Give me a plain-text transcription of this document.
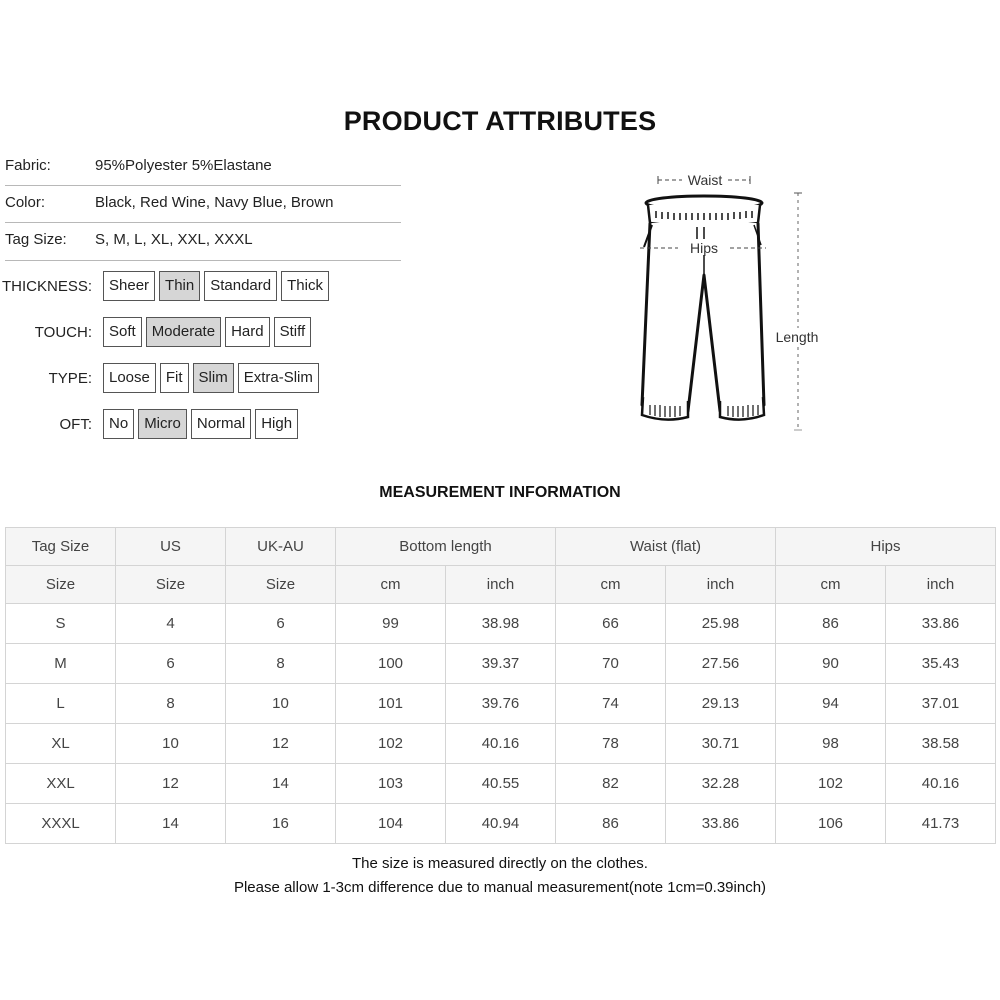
PRODUCT ATTRIBUTES
Fabric:	95%Polyester 5%Elastane
Color:	Black, Red Wine, Navy Blue, Brown
Tag Size: S, M, L, XL, XXL, XXXL
THICKNESS:	Sheer	Thin	Standard	Thick
TOUCH:	Soft	Moderate	Hard	Stiff
TYPE:	Loose	Fit	Slim	Extra-Slim
OFT:	No	Micro	Normal	High
Waist
Hips
Length
MEASUREMENT INFORMATION
Tag Size	US	UK-AU	Bottom length		Waist (flat)		Hips	
Size	Size	Size	cm	inch	cm	inch	cm	inch
S	4	6	99	38.98	66	25.98	86	33.86
M	6	8	100	39.37	70	27.56	90	35.43
L	8	10	101	39.76	74	29.13	94	37.01
XL	10	12	102	40.16	78	30.71	98	38.58
XXL	12	14	103	40.55	82	32.28	102	40.16
XXXL	14	16	104	40.94	86	33.86	106	41.73
The size is measured directly on the clothes.
Please allow 1-3cm difference due to manual measurement(note 1cm=0.39inch)
